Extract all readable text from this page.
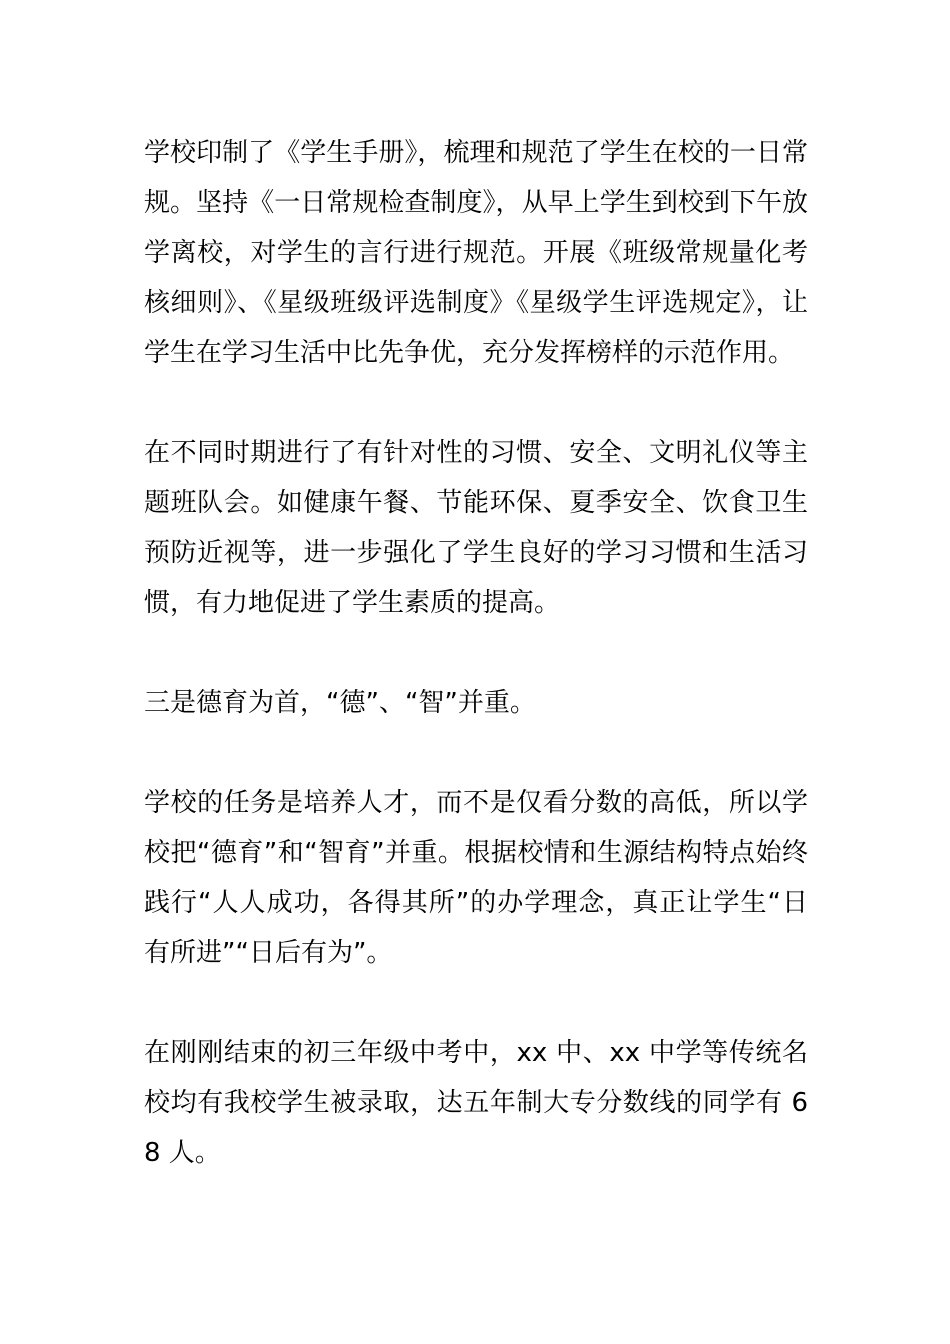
学校印制了《学生手册》，梳理和规范了学生在校的一日常规。坚持《一日常规检查制度》，从早上学生到校到下午放学离校，对学生的言行进行规范。开展《班级常规量化考核细则》、《星级班级评选制度》《星级学生评选规定》，让学生在学习生活中比先争优，充分发挥榜样的示范作用。

在不同时期进行了有针对性的习惯、安全、文明礼仪等主题班队会。如健康午餐、节能环保、夏季安全、饮食卫生预防近视等，进一步强化了学生良好的学习习惯和生活习惯，有力地促进了学生素质的提高。

三是德育为首，“德”、“智”并重。

学校的任务是培养人才，而不是仅看分数的高低，所以学校把“德育”和“智育”并重。根据校情和生源结构特点始终践行“人人成功，各得其所”的办学理念，真正让学生“日有所进”“日后有为”。

在刚刚结束的初三年级中考中，xx 中、xx 中学等传统名校均有我校学生被录取，达五年制大专分数线的同学有 68 人。
